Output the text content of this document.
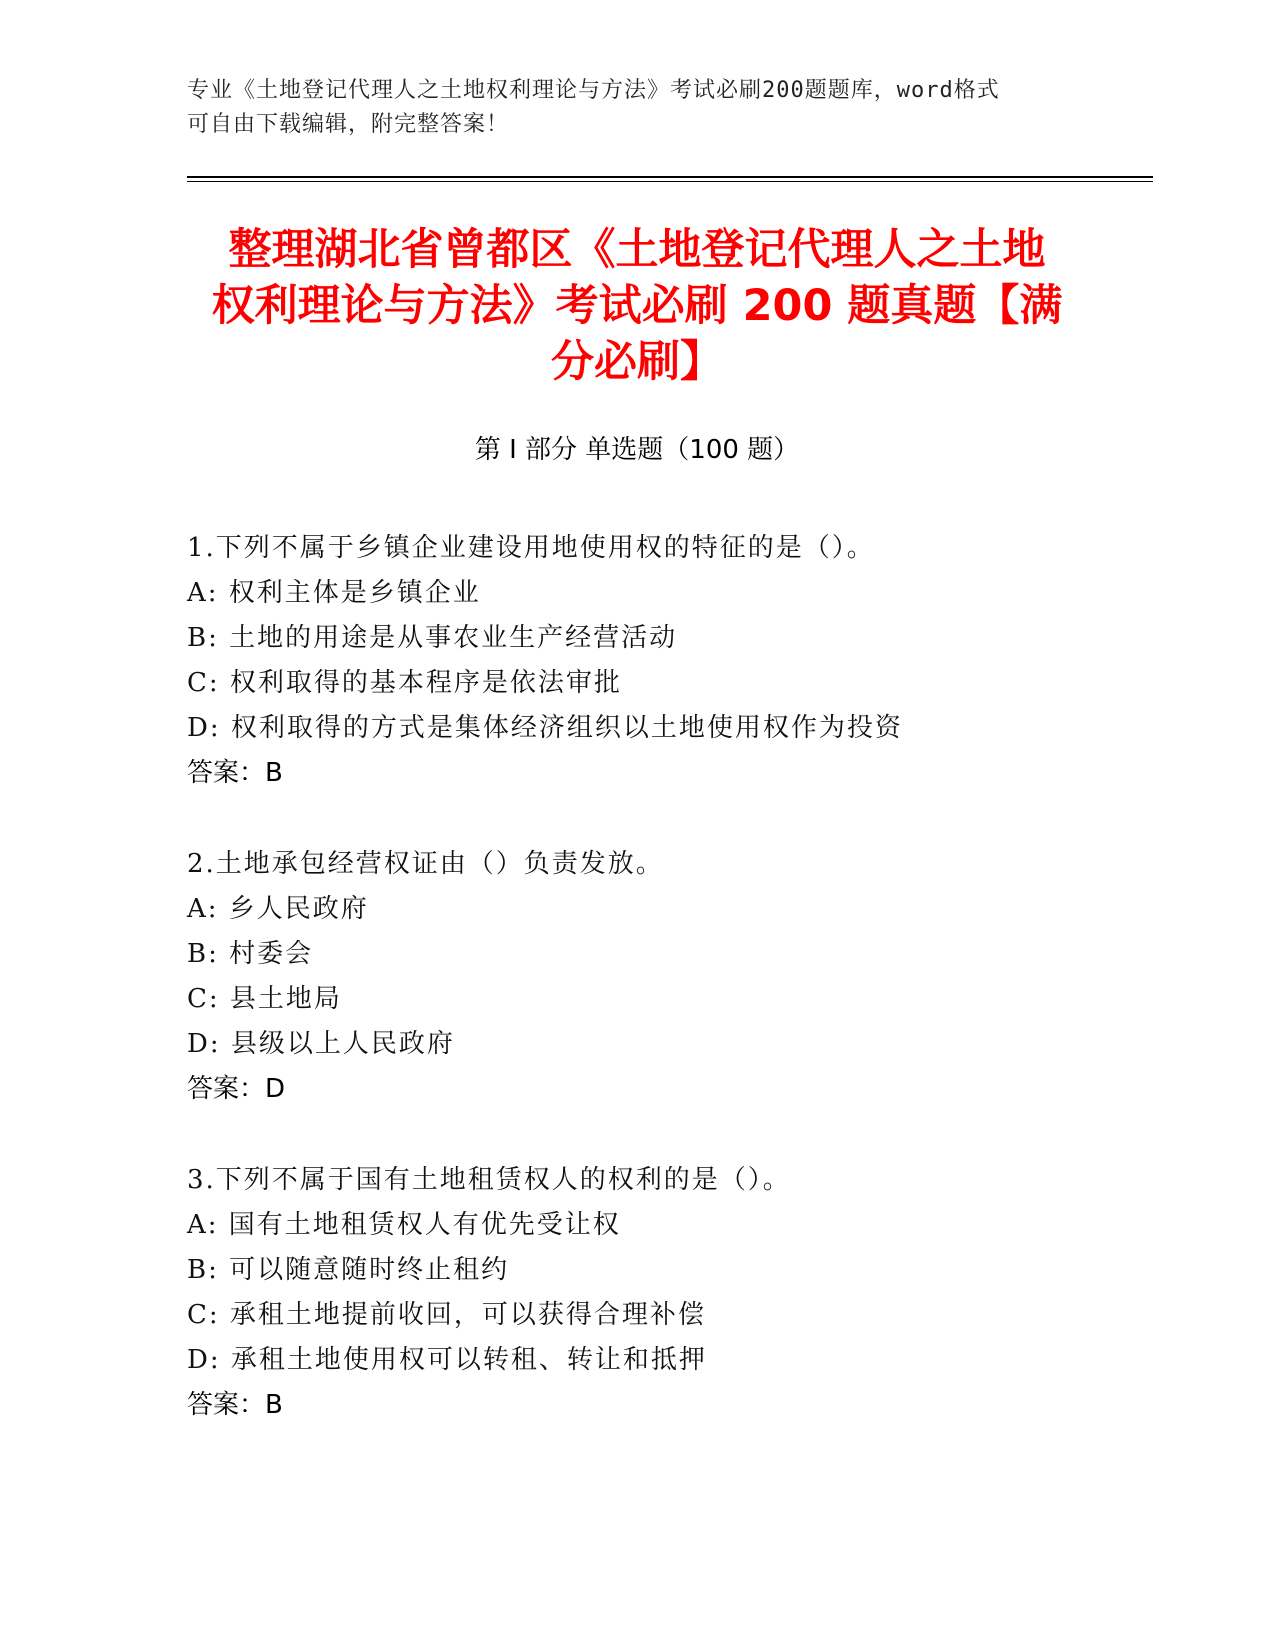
专业《土地登记代理人之土地权利理论与方法》考试必刷200题题库，word格式
可自由下载编辑，附完整答案！
整理湖北省曾都区《土地登记代理人之土地
权利理论与方法》考试必刷 200 题真题【满
分必刷】
第 I 部分 单选题（100 题）
1.下列不属于乡镇企业建设用地使用权的特征的是（）。
A: 权利主体是乡镇企业
B: 土地的用途是从事农业生产经营活动
C: 权利取得的基本程序是依法审批
D: 权利取得的方式是集体经济组织以土地使用权作为投资
答案：B
2.土地承包经营权证由（）负责发放。
A: 乡人民政府
B: 村委会
C: 县土地局
D: 县级以上人民政府
答案：D
3.下列不属于国有土地租赁权人的权利的是（）。
A: 国有土地租赁权人有优先受让权
B: 可以随意随时终止租约
C: 承租土地提前收回，可以获得合理补偿
D: 承租土地使用权可以转租、转让和抵押
答案：B
